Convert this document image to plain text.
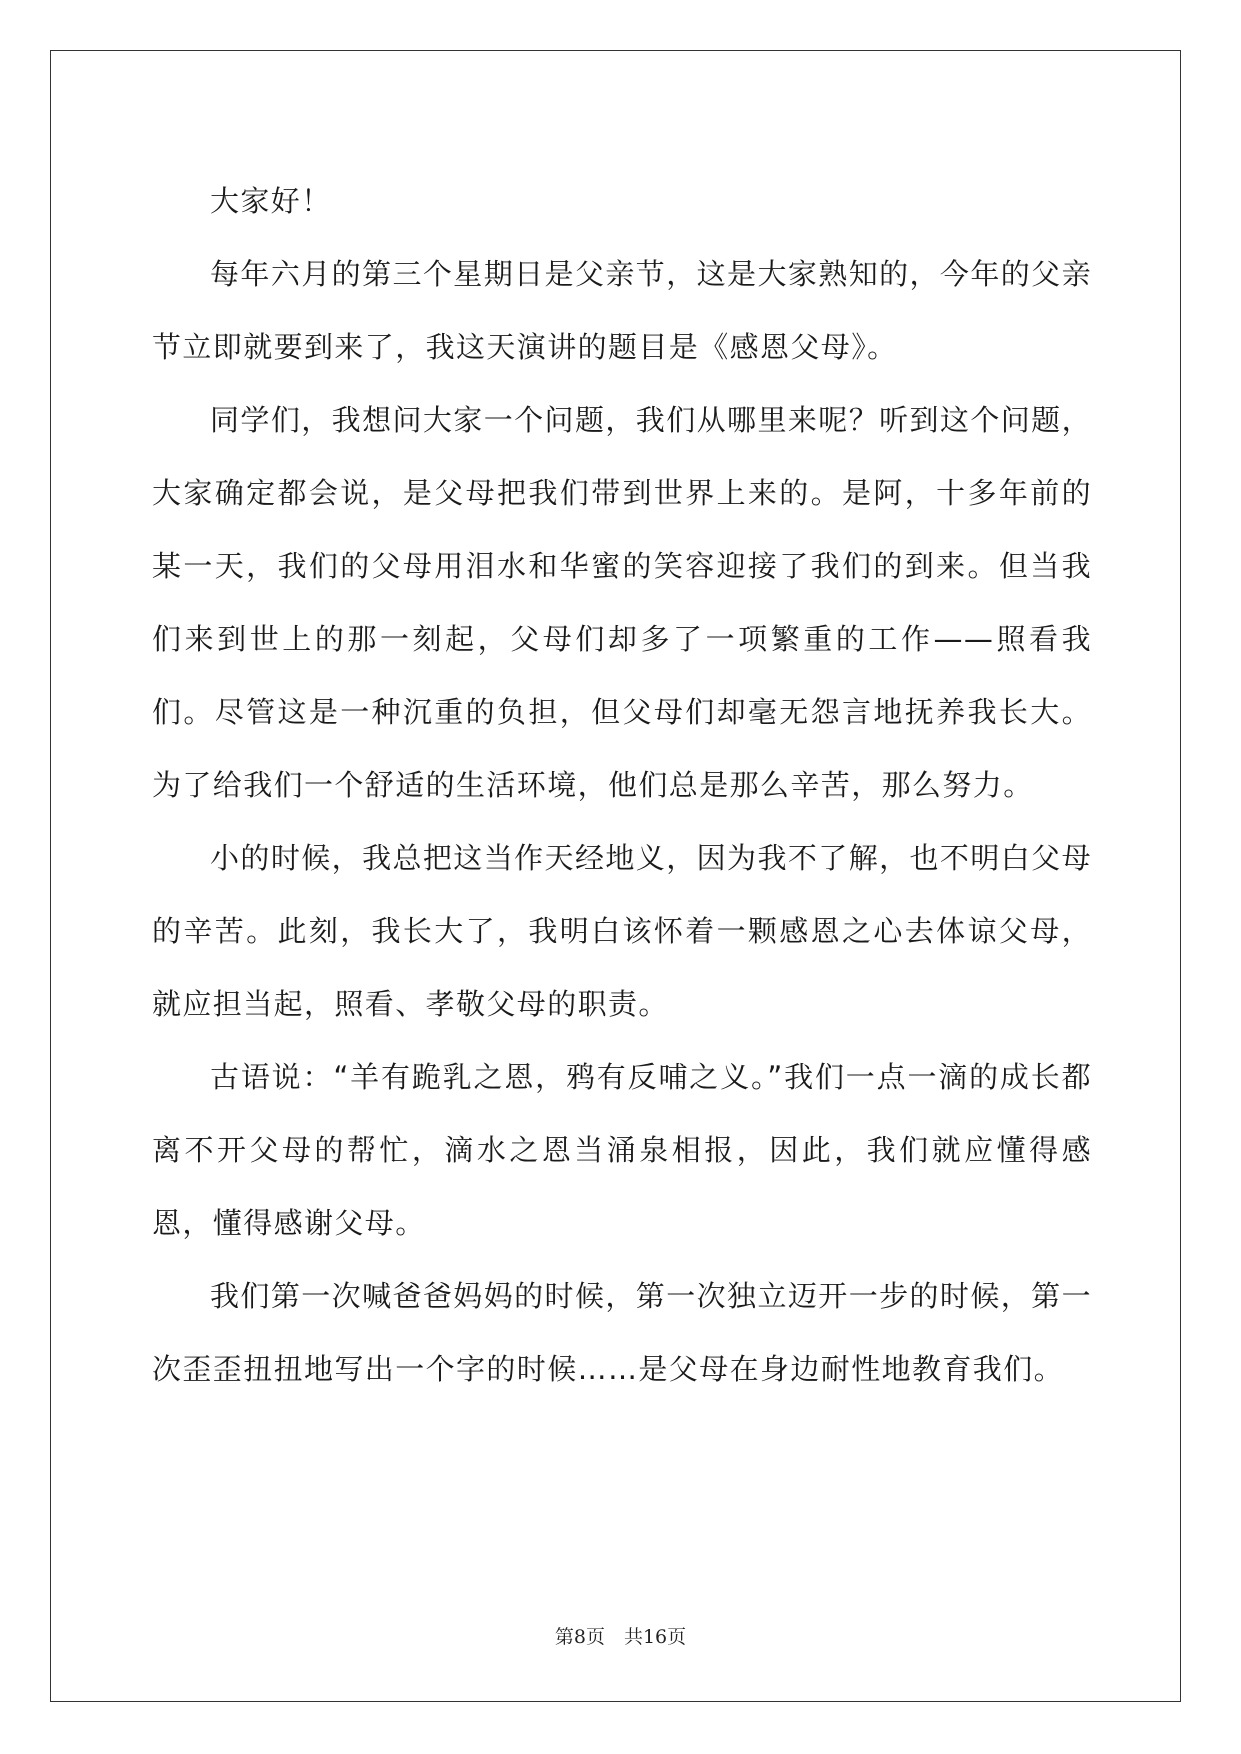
大家好！

每年六月的第三个星期日是父亲节，这是大家熟知的，今年的父亲节立即就要到来了，我这天演讲的题目是《感恩父母》。

同学们，我想问大家一个问题，我们从哪里来呢？听到这个问题，大家确定都会说，是父母把我们带到世界上来的。是阿，十多年前的某一天，我们的父母用泪水和华蜜的笑容迎接了我们的到来。但当我们来到世上的那一刻起，父母们却多了一项繁重的工作——照看我们。尽管这是一种沉重的负担，但父母们却毫无怨言地抚养我长大。为了给我们一个舒适的生活环境，他们总是那么辛苦，那么努力。

小的时候，我总把这当作天经地义，因为我不了解，也不明白父母的辛苦。此刻，我长大了，我明白该怀着一颗感恩之心去体谅父母，就应担当起，照看、孝敬父母的职责。

古语说：“羊有跪乳之恩，鸦有反哺之义。”我们一点一滴的成长都离不开父母的帮忙，滴水之恩当涌泉相报，因此，我们就应懂得感恩，懂得感谢父母。

我们第一次喊爸爸妈妈的时候，第一次独立迈开一步的时候，第一次歪歪扭扭地写出一个字的时候……是父母在身边耐性地教育我们。

第8页　共16页
